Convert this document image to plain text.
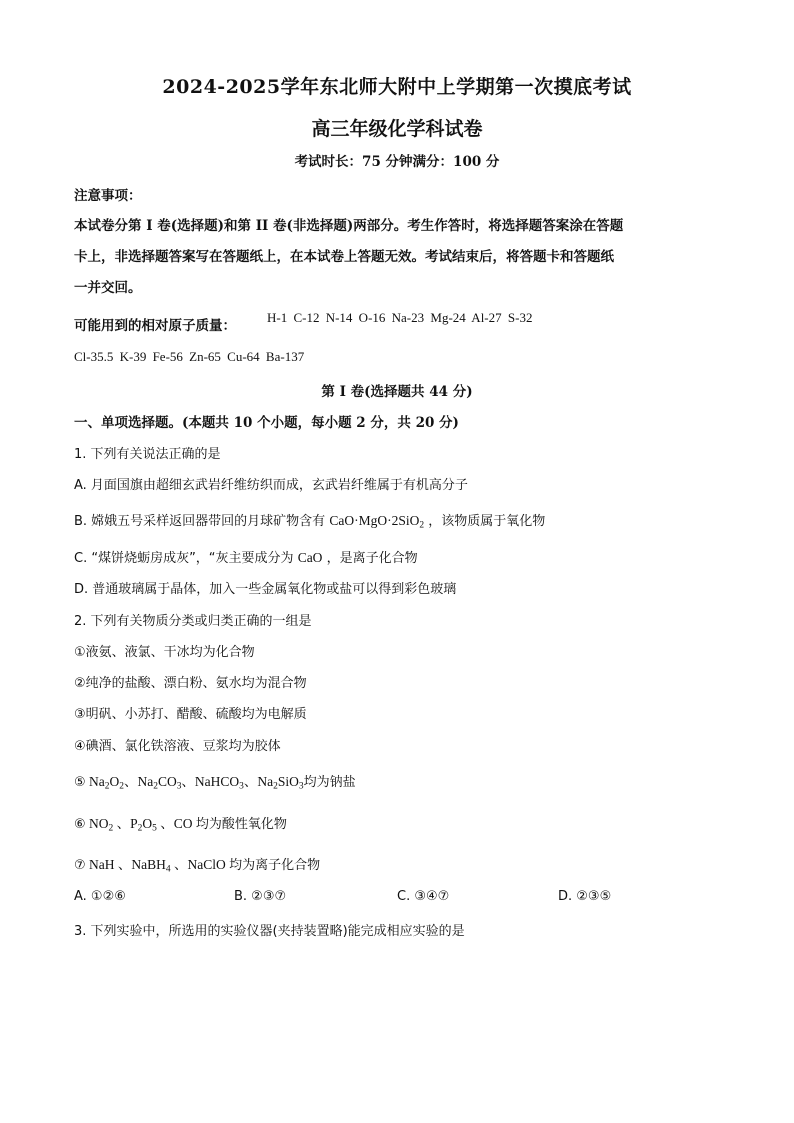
2024-2025学年东北师大附中上学期第一次摸底考试
高三年级化学科试卷
考试时长：75 分钟满分：100 分
注意事项：
本试卷分第 I 卷(选择题)和第 II 卷(非选择题)两部分。考生作答时，将选择题答案涂在答题
卡上，非选择题答案写在答题纸上，在本试卷上答题无效。考试结束后，将答题卡和答题纸
一并交回。
可能用到的相对原子质量：
H-1 C-12 N-14 O-16 Na-23 Mg-24 Al-27 S-32
Cl-35.5 K-39 Fe-56 Zn-65 Cu-64 Ba-137
第 I 卷(选择题共 44 分)
一、单项选择题。(本题共 10 个小题，每小题 2 分，共 20 分)
1. 下列有关说法正确的是
A. 月面国旗由超细玄武岩纤维纺织而成，玄武岩纤维属于有机高分子
B. 嫦娥五号采样返回器带回的月球矿物含有 CaO·MgO·2SiO$_2$ ，该物质属于氧化物
C. “煤饼烧蛎房成灰”，“灰主要成分为 CaO ，是离子化合物
D. 普通玻璃属于晶体，加入一些金属氧化物或盐可以得到彩色玻璃
2. 下列有关物质分类或归类正确的一组是
①液氨、液氯、干冰均为化合物
②纯净的盐酸、漂白粉、氨水均为混合物
③明矾、小苏打、醋酸、硫酸均为电解质
④碘酒、氯化铁溶液、豆浆均为胶体
⑤ $Na_2O_2$、$Na_2CO_3$、NaHCO$_3$、$Na_2SiO_3$均为钠盐
⑥ $NO_2$ 、$P_2O_5$ 、CO 均为酸性氧化物
⑦ NaH 、NaBH$_4$ 、NaClO 均为离子化合物
A. ①②⑥	B. ②③⑦	C. ③④⑦	D. ②③⑤
3. 下列实验中，所选用的实验仪器(夹持装置略)能完成相应实验的是
